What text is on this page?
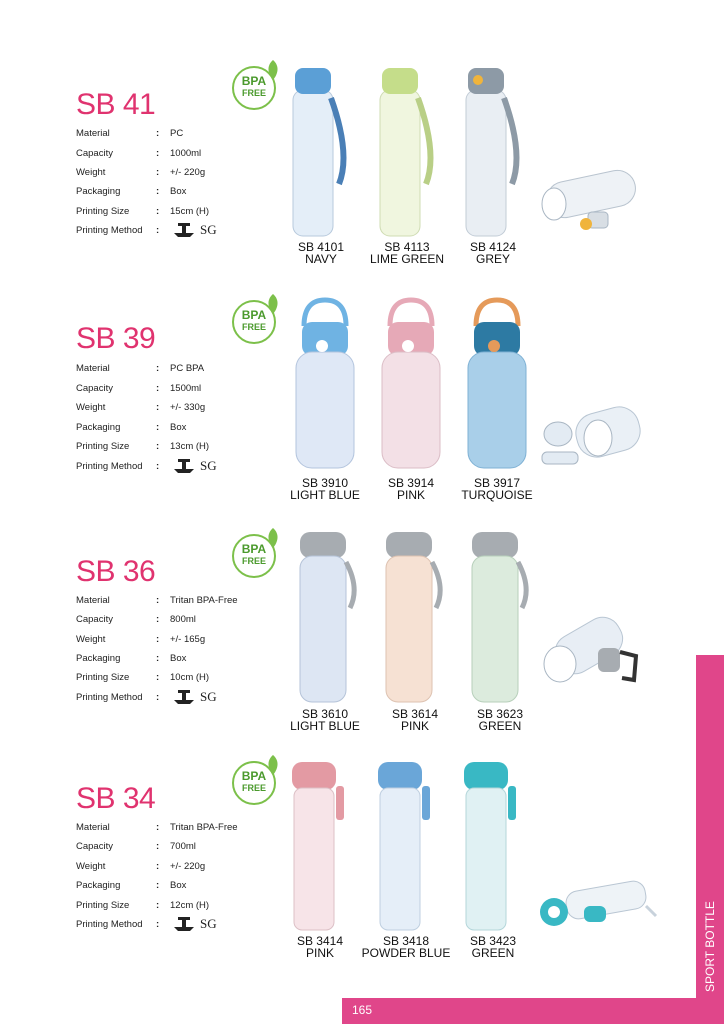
SB 41
Material	: PC
Capacity	: 1000ml
Weight	: +/- 220g
Packaging	: Box
Printing Size	: 15cm (H)
Printing Method :	SG
BPA
FREE
SB 4101
NAVY
SB 4113
LIME GREEN
SB 4124
GREY
SB 39
Material	: PC BPA
Capacity	: 1500ml
Weight	: +/- 330g
Packaging	: Box
Printing Size	: 13cm (H)
Printing Method :	SG
BPA
FREE
SB 3910
LIGHT BLUE
SB 3914
PINK
SB 3917
TURQUOISE
SB 36
Material	: Tritan BPA-Free
Capacity	: 800ml
Weight	: +/- 165g
Packaging	: Box
Printing Size	: 10cm (H)
Printing Method :	SG
BPA
FREE
SB 3610
LIGHT BLUE
SB 3614
PINK
SB 3623
GREEN
SB 34
Material	: Tritan BPA-Free
Capacity	: 700ml
Weight	: +/- 220g
Packaging	: Box
Printing Size	: 12cm (H)
Printing Method :	SG
BPA
FREE
SB 3414
PINK
SB 3418
POWDER BLUE
SB 3423
GREEN	SPORT BOTTLE
165
